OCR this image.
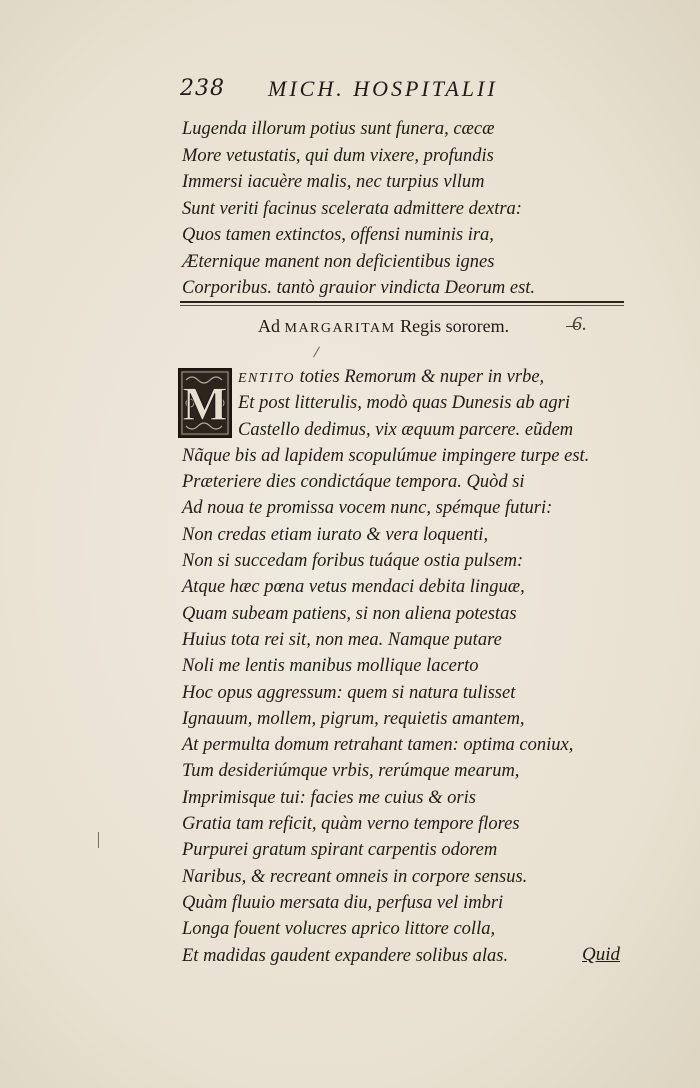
238 MICH. HOSPITALII
Lugenda illorum potius sunt funera, cæcæ
More vetustatis, qui dum vixere, profundis
Immersi iacuère malis, nec turpius vllum
Sunt veriti facinus scelerata admittere dextra:
Quos tamen extinctos, offensi numinis ira,
Æternique manent non deficientibus ignes
Corporibus. tantò grauior vindicta Deorum est.
Ad MARGARITAM Regis sororem.	6.
M ENTITO toties Remorum & nuper in vrbe,
Et post litterulis, modò quas Dunesis ab agri
Castello dedimus, vix æquum parcere. eũdem
Nãque bis ad lapidem scopulúmue impingere turpe est.
Præteriere dies condictáque tempora. Quòd si
Ad noua te promissa vocem nunc, spémque futuri:
Non credas etiam iurato & vera loquenti,
Non si succedam foribus tuáque ostia pulsem:
Atque hæc pœna vetus mendaci debita linguæ,
Quam subeam patiens, si non aliena potestas
Huius tota rei sit, non mea. Namque putare
Noli me lentis manibus mollique lacerto
Hoc opus aggressum: quem si natura tulisset
Ignauum, mollem, pigrum, requietis amantem,
At permulta domum retrahant tamen: optima coniux,
Tum desideriúmque vrbis, rerúmque mearum,
Imprimisque tui: facies me cuius & oris
Gratia tam reficit, quàm verno tempore flores
Purpurei gratum spirant carpentis odorem
Naribus, & recreant omneis in corpore sensus.
Quàm fluuio mersata diu, perfusa vel imbri
Longa fouent volucres aprico littore colla,
Et madidas gaudent expandere solibus alas.	Quid
